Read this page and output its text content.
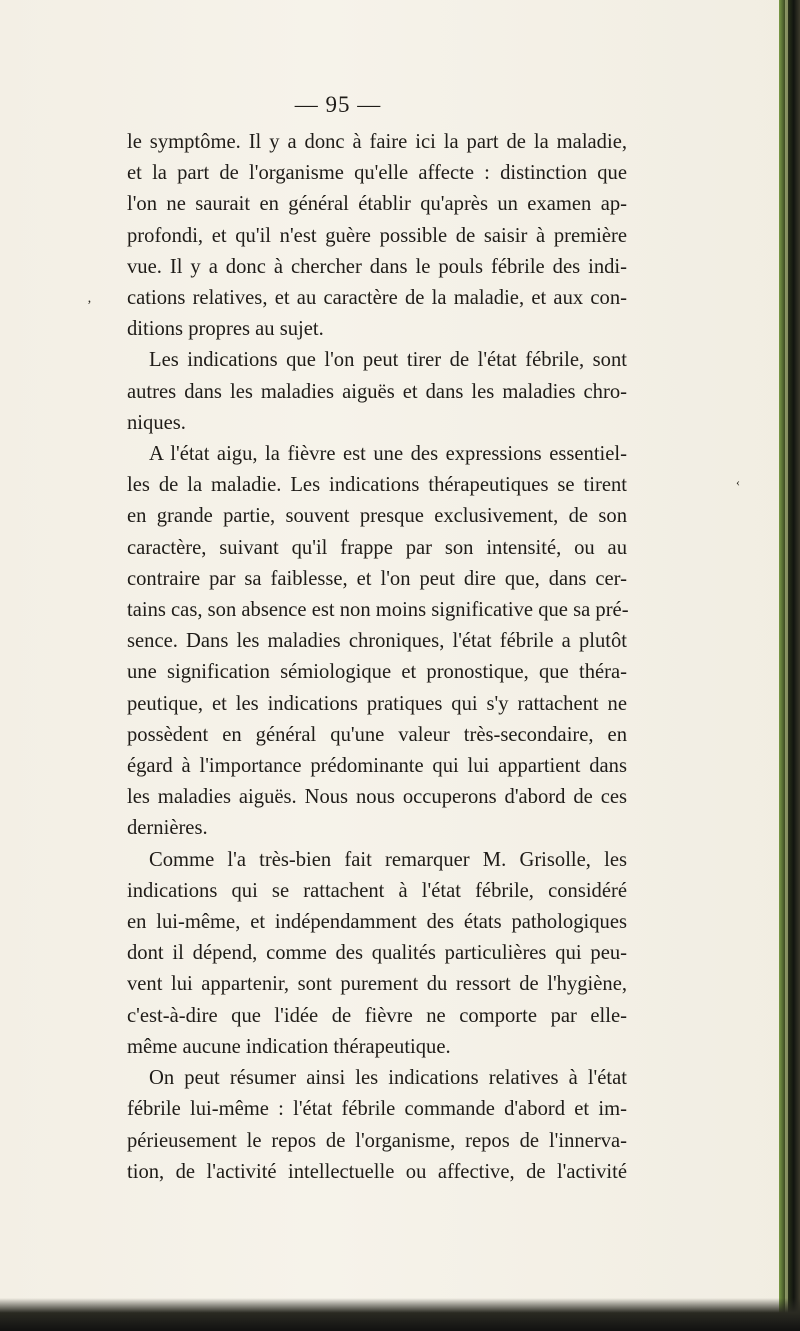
— 95 —
‚
‹
le symptôme. Il y a donc à faire ici la part de la maladie,
et la part de l'organisme qu'elle affecte : distinction que
l'on ne saurait en général établir qu'après un examen ap-
profondi, et qu'il n'est guère possible de saisir à première
vue. Il y a donc à chercher dans le pouls fébrile des indi-
cations relatives, et au caractère de la maladie, et aux con-
ditions propres au sujet.
Les indications que l'on peut tirer de l'état fébrile, sont
autres dans les maladies aiguës et dans les maladies chro-
niques.
A l'état aigu, la fièvre est une des expressions essentiel-
les de la maladie. Les indications thérapeutiques se tirent
en grande partie, souvent presque exclusivement, de son
caractère, suivant qu'il frappe par son intensité, ou au
contraire par sa faiblesse, et l'on peut dire que, dans cer-
tains cas, son absence est non moins significative que sa pré-
sence. Dans les maladies chroniques, l'état fébrile a plutôt
une signification sémiologique et pronostique, que théra-
peutique, et les indications pratiques qui s'y rattachent ne
possèdent en général qu'une valeur très-secondaire, en
égard à l'importance prédominante qui lui appartient dans
les maladies aiguës. Nous nous occuperons d'abord de ces
dernières.
Comme l'a très-bien fait remarquer M. Grisolle, les
indications qui se rattachent à l'état fébrile, considéré
en lui-même, et indépendamment des états pathologiques
dont il dépend, comme des qualités particulières qui peu-
vent lui appartenir, sont purement du ressort de l'hygiène,
c'est-à-dire que l'idée de fièvre ne comporte par elle-
même aucune indication thérapeutique.
On peut résumer ainsi les indications relatives à l'état
fébrile lui-même : l'état fébrile commande d'abord et im-
périeusement le repos de l'organisme, repos de l'innerva-
tion, de l'activité intellectuelle ou affective, de l'activité
